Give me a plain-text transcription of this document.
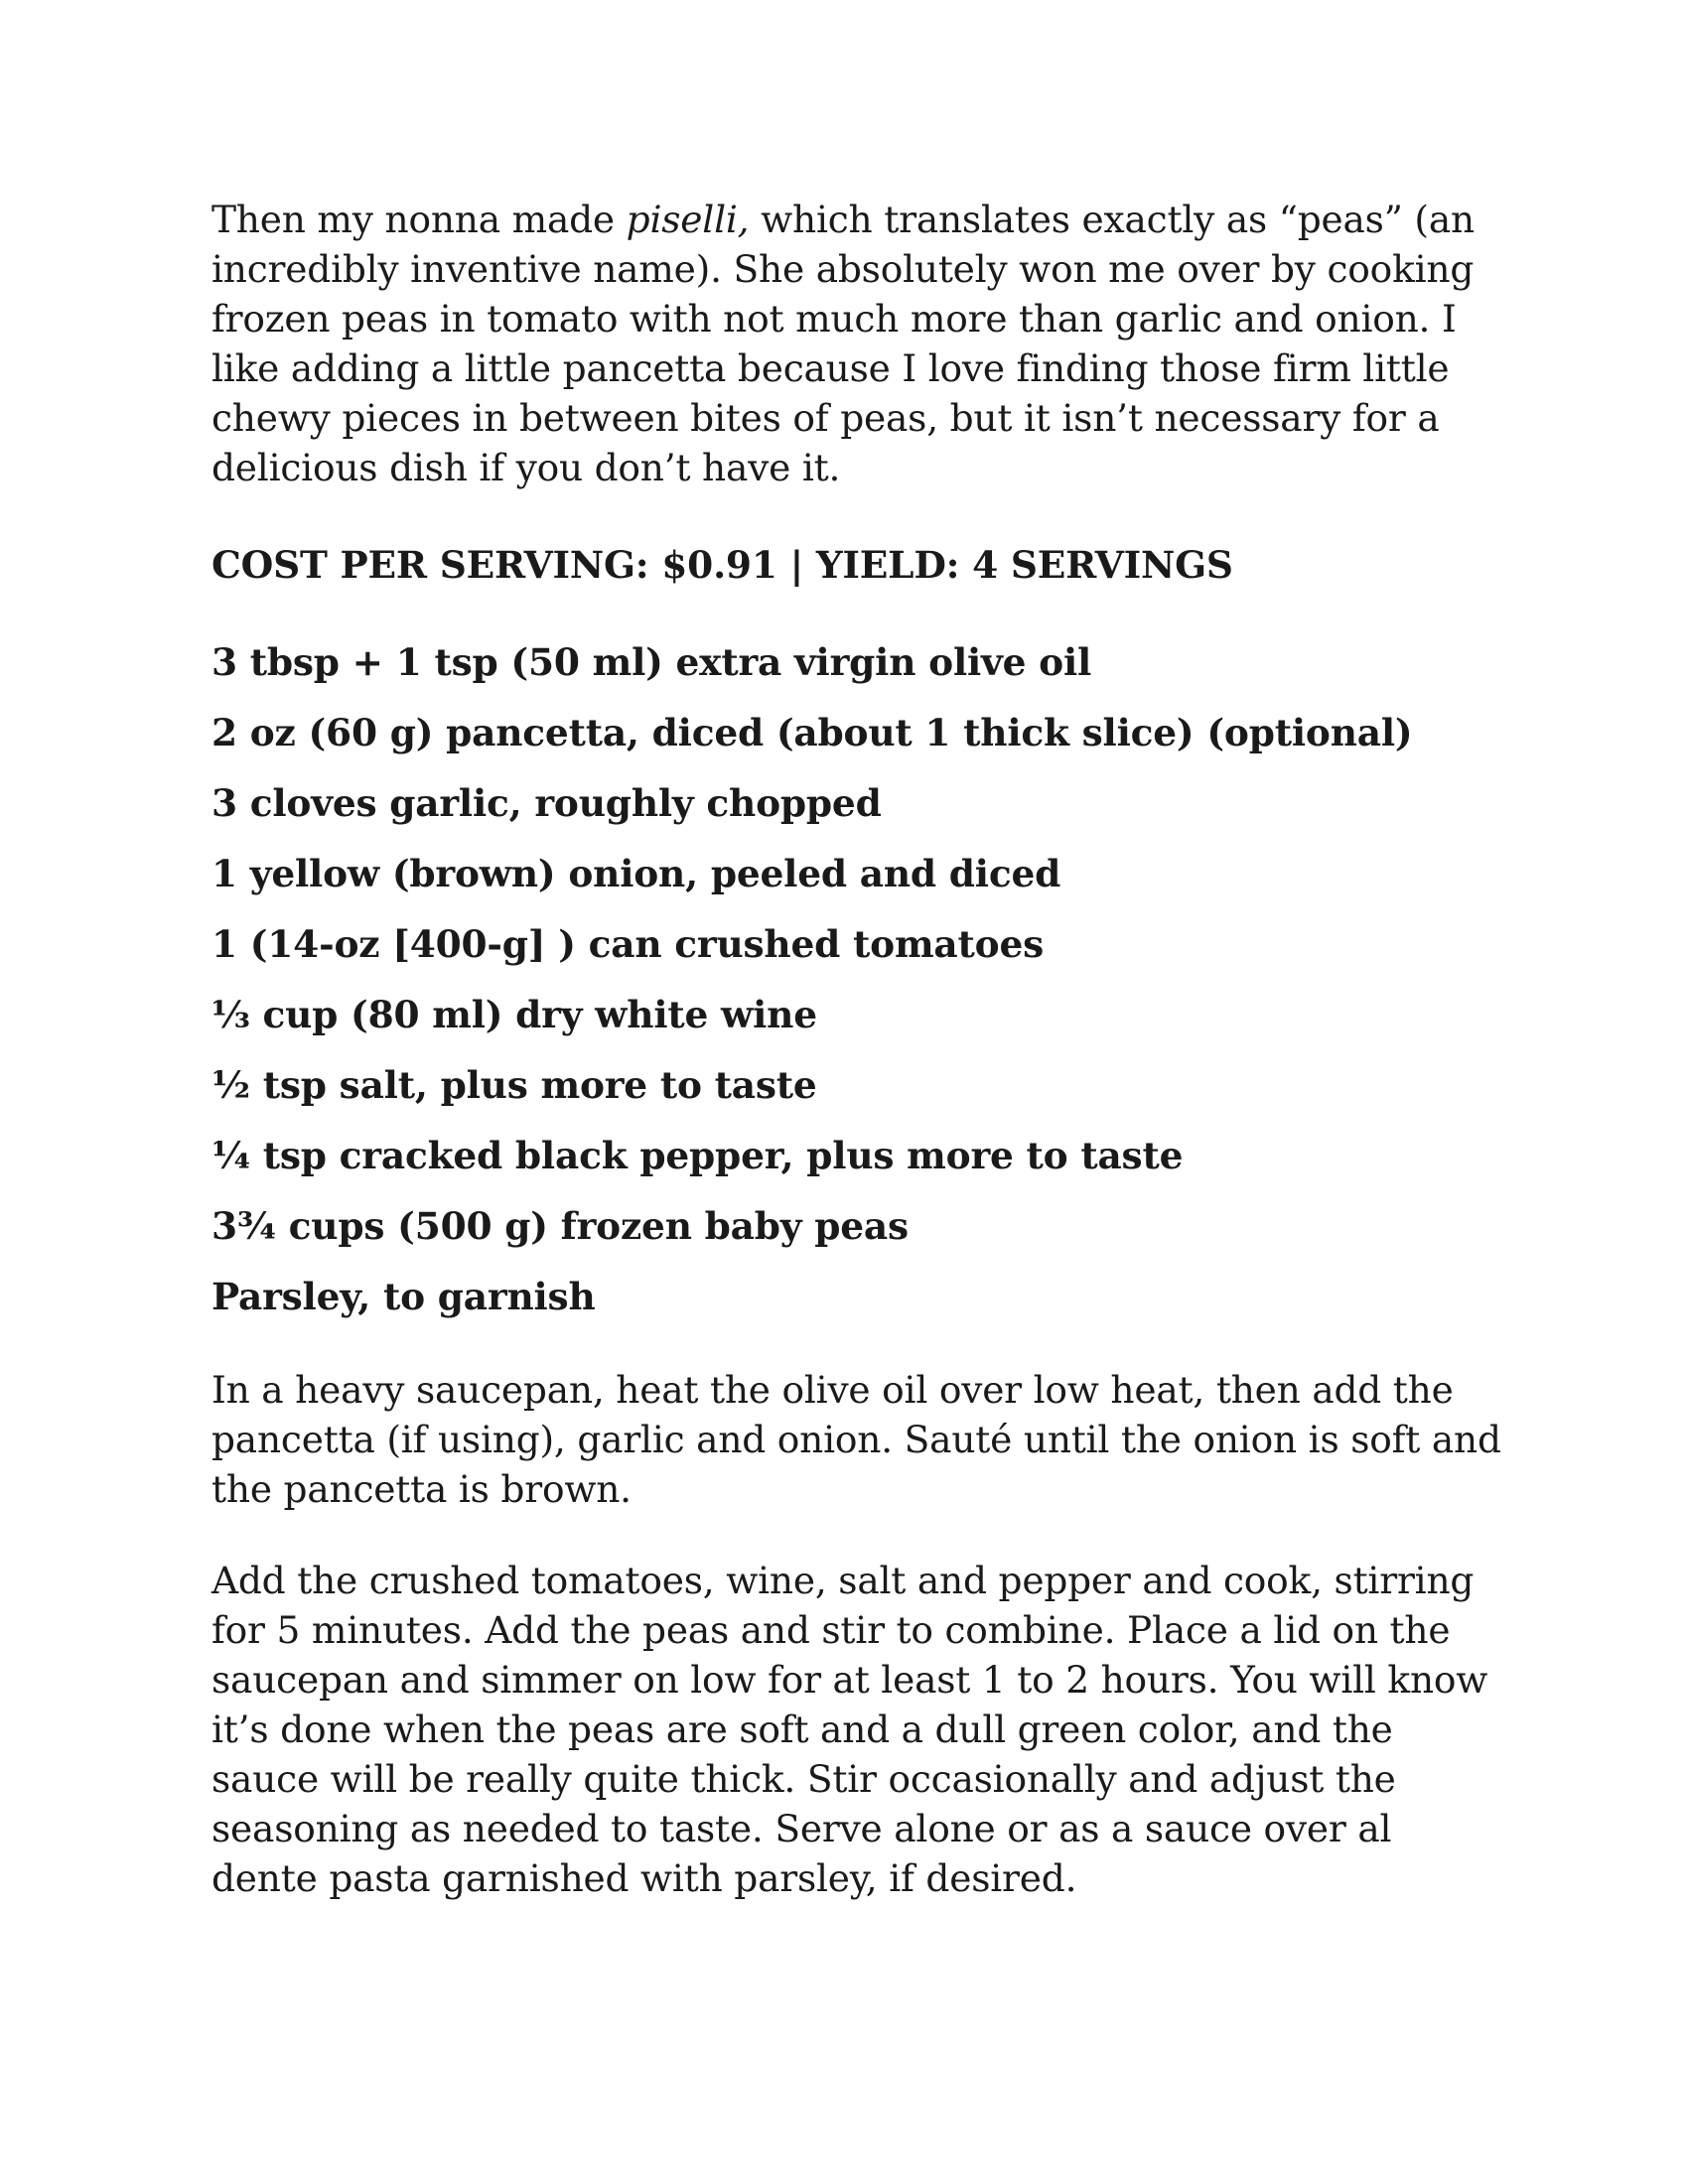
Then my nonna made piselli, which translates exactly as “peas” (an incredibly inventive name). She absolutely won me over by cooking frozen peas in tomato with not much more than garlic and onion. I like adding a little pancetta because I love finding those firm little chewy pieces in between bites of peas, but it isn’t necessary for a delicious dish if you don’t have it.

COST PER SERVING: $0.91 | YIELD: 4 SERVINGS

3 tbsp + 1 tsp (50 ml) extra virgin olive oil
2 oz (60 g) pancetta, diced (about 1 thick slice) (optional)
3 cloves garlic, roughly chopped
1 yellow (brown) onion, peeled and diced
1 (14-oz [400-g] ) can crushed tomatoes
⅓ cup (80 ml) dry white wine
½ tsp salt, plus more to taste
¼ tsp cracked black pepper, plus more to taste
3¾ cups (500 g) frozen baby peas
Parsley, to garnish

In a heavy saucepan, heat the olive oil over low heat, then add the pancetta (if using), garlic and onion. Sauté until the onion is soft and the pancetta is brown.

Add the crushed tomatoes, wine, salt and pepper and cook, stirring for 5 minutes. Add the peas and stir to combine. Place a lid on the saucepan and simmer on low for at least 1 to 2 hours. You will know it’s done when the peas are soft and a dull green color, and the sauce will be really quite thick. Stir occasionally and adjust the seasoning as needed to taste. Serve alone or as a sauce over al dente pasta garnished with parsley, if desired.
